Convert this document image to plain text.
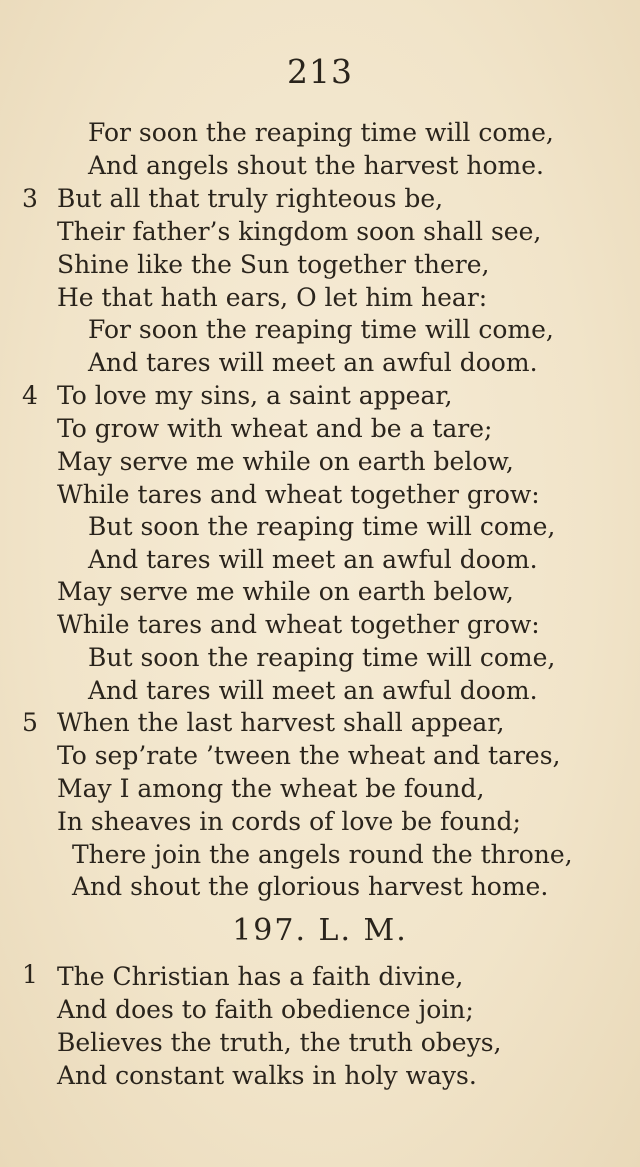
213
For soon the reaping time will come,
And angels shout the harvest home.
3 But all that truly righteous be,
Their father’s kingdom soon shall see,
Shine like the Sun together there,
He that hath ears, O let him hear:
For soon the reaping time will come,
And tares will meet an awful doom.
4 To love my sins, a saint appear,
To grow with wheat and be a tare;
May serve me while on earth below,
While tares and wheat together grow:
But soon the reaping time will come,
And tares will meet an awful doom.
May serve me while on earth below,
While tares and wheat together grow:
But soon the reaping time will come,
And tares will meet an awful doom.
5 When the last harvest shall appear,
To sep’rate ’tween the wheat and tares,
May I among the wheat be found,
In sheaves in cords of love be found;
There join the angels round the throne,
And shout the glorious harvest home.
197. L. M.
1 The Christian has a faith divine,
And does to faith obedience join;
Believes the truth, the truth obeys,
And constant walks in holy ways.
